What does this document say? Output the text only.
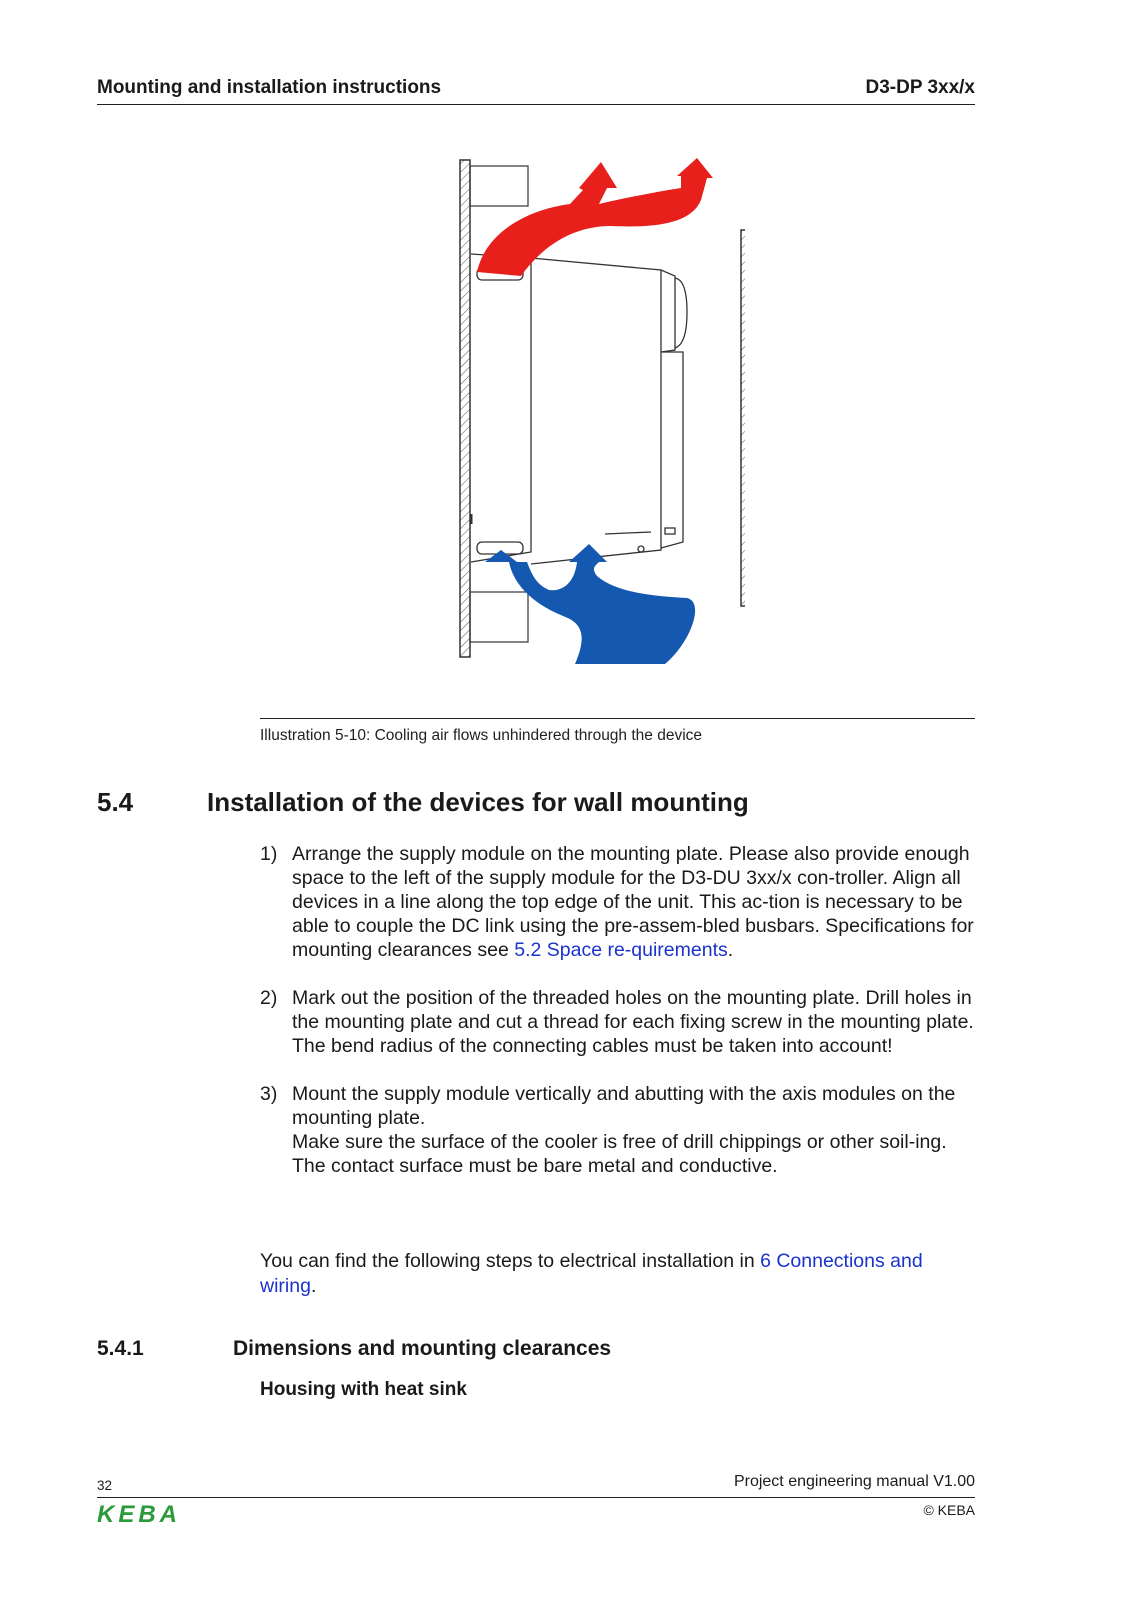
Mounting and installation instructions	D3-DP 3xx/x
Illustration 5-10: Cooling air flows unhindered through the device
5.4	Installation of the devices for wall mounting
1) Arrange the supply module on the mounting plate. Please also provide enough space to the left of the supply module for the D3-DU 3xx/x con-troller. Align all devices in a line along the top edge of the unit. This ac-tion is necessary to be able to couple the DC link using the pre-assem-bled busbars. Specifications for mounting clearances see 5.2 Space re-quirements.
2) Mark out the position of the threaded holes on the mounting plate. Drill holes in the mounting plate and cut a thread for each fixing screw in the mounting plate. The bend radius of the connecting cables must be taken into account!
3) Mount the supply module vertically and abutting with the axis modules on the mounting plate.
Make sure the surface of the cooler is free of drill chippings or other soil-ing. The contact surface must be bare metal and conductive.
You can find the following steps to electrical installation in 6 Connections and wiring.
5.4.1	Dimensions and mounting clearances
Housing with heat sink
32	Project engineering manual V1.00
© KEBA
KEBA
